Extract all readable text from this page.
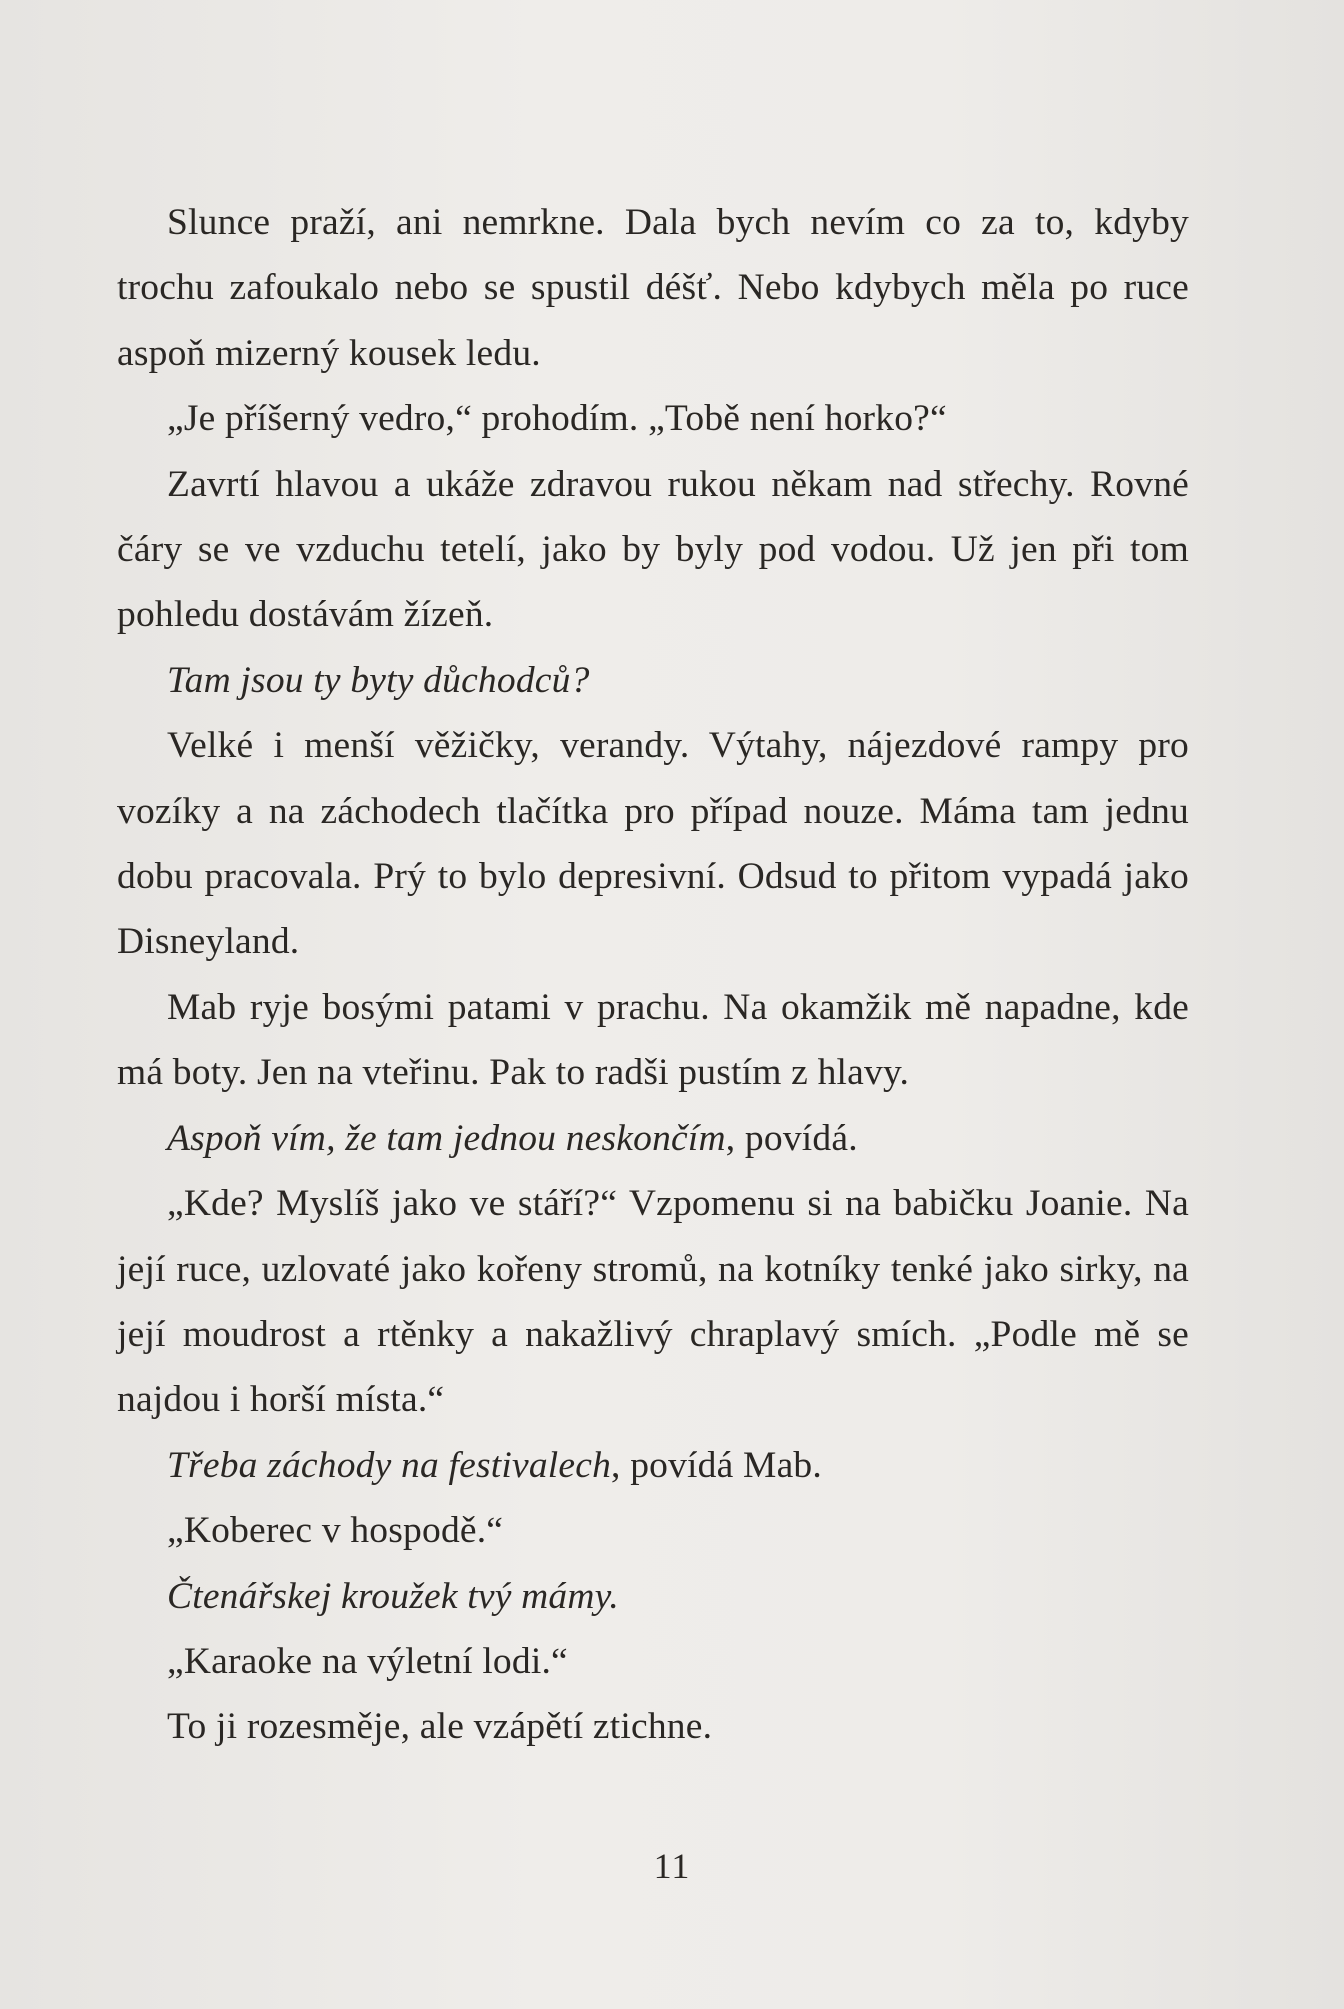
Slunce praží, ani nemrkne. Dala bych nevím co za to, kdyby trochu zafoukalo nebo se spustil déšť. Nebo kdybych měla po ruce aspoň mizerný kousek ledu.

„Je příšerný vedro,“ prohodím. „Tobě není horko?“

Zavrtí hlavou a ukáže zdravou rukou někam nad střechy. Rovné čáry se ve vzduchu tetelí, jako by byly pod vodou. Už jen při tom pohledu dostávám žízeň.

Tam jsou ty byty důchodců?

Velké i menší věžičky, verandy. Výtahy, nájezdové rampy pro vozíky a na záchodech tlačítka pro případ nouze. Máma tam jednu dobu pracovala. Prý to bylo depresivní. Odsud to přitom vypadá jako Disneyland.

Mab ryje bosými patami v prachu. Na okamžik mě napadne, kde má boty. Jen na vteřinu. Pak to radši pustím z hlavy.

Aspoň vím, že tam jednou neskončím, povídá.

„Kde? Myslíš jako ve stáří?“ Vzpomenu si na babičku Joanie. Na její ruce, uzlovaté jako kořeny stromů, na kotníky tenké jako sirky, na její moudrost a rtěnky a nakažlivý chraplavý smích. „Podle mě se najdou i horší místa.“

Třeba záchody na festivalech, povídá Mab.

„Koberec v hospodě.“

Čtenářskej kroužek tvý mámy.

„Karaoke na výletní lodi.“

To ji rozesměje, ale vzápětí ztichne.

11
